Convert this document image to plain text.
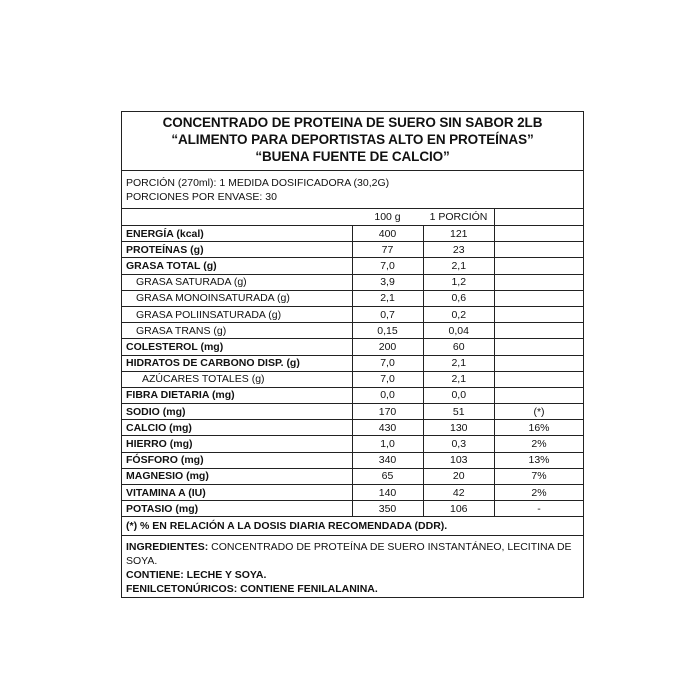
CONCENTRADO DE PROTEINA DE SUERO SIN SABOR 2LB
“ALIMENTO PARA DEPORTISTAS ALTO EN PROTEÍNAS”
“BUENA FUENTE DE CALCIO”
PORCIÓN (270ml): 1 MEDIDA DOSIFICADORA (30,2G)
PORCIONES POR ENVASE: 30
	100 g	1 PORCIÓN	
ENERGÍA (kcal)	400	121	
PROTEÍNAS (g)	77	23	
GRASA TOTAL (g)	7,0	2,1	
GRASA SATURADA (g)	3,9	1,2	
GRASA MONOINSATURADA (g)	2,1	0,6	
GRASA POLIINSATURADA (g)	0,7	0,2	
GRASA TRANS (g)	0,15	0,04	
COLESTEROL (mg)	200	60	
HIDRATOS DE CARBONO DISP. (g)	7,0	2,1	
AZÚCARES TOTALES (g)	7,0	2,1	
FIBRA DIETARIA (mg)	0,0	0,0	
SODIO (mg)	170	51	(*)
CALCIO (mg)	430	130	16%
HIERRO (mg)	1,0	0,3	2%
FÓSFORO (mg)	340	103	13%
MAGNESIO (mg)	65	20	7%
VITAMINA A (IU)	140	42	2%
POTASIO (mg)	350	106	-
(*) % EN RELACIÓN A LA DOSIS DIARIA RECOMENDADA (DDR).
INGREDIENTES: CONCENTRADO DE PROTEÍNA DE SUERO INSTANTÁNEO, LECITINA DE SOYA.
CONTIENE: LECHE Y SOYA.
FENILCETONÚRICOS: CONTIENE FENILALANINA.
